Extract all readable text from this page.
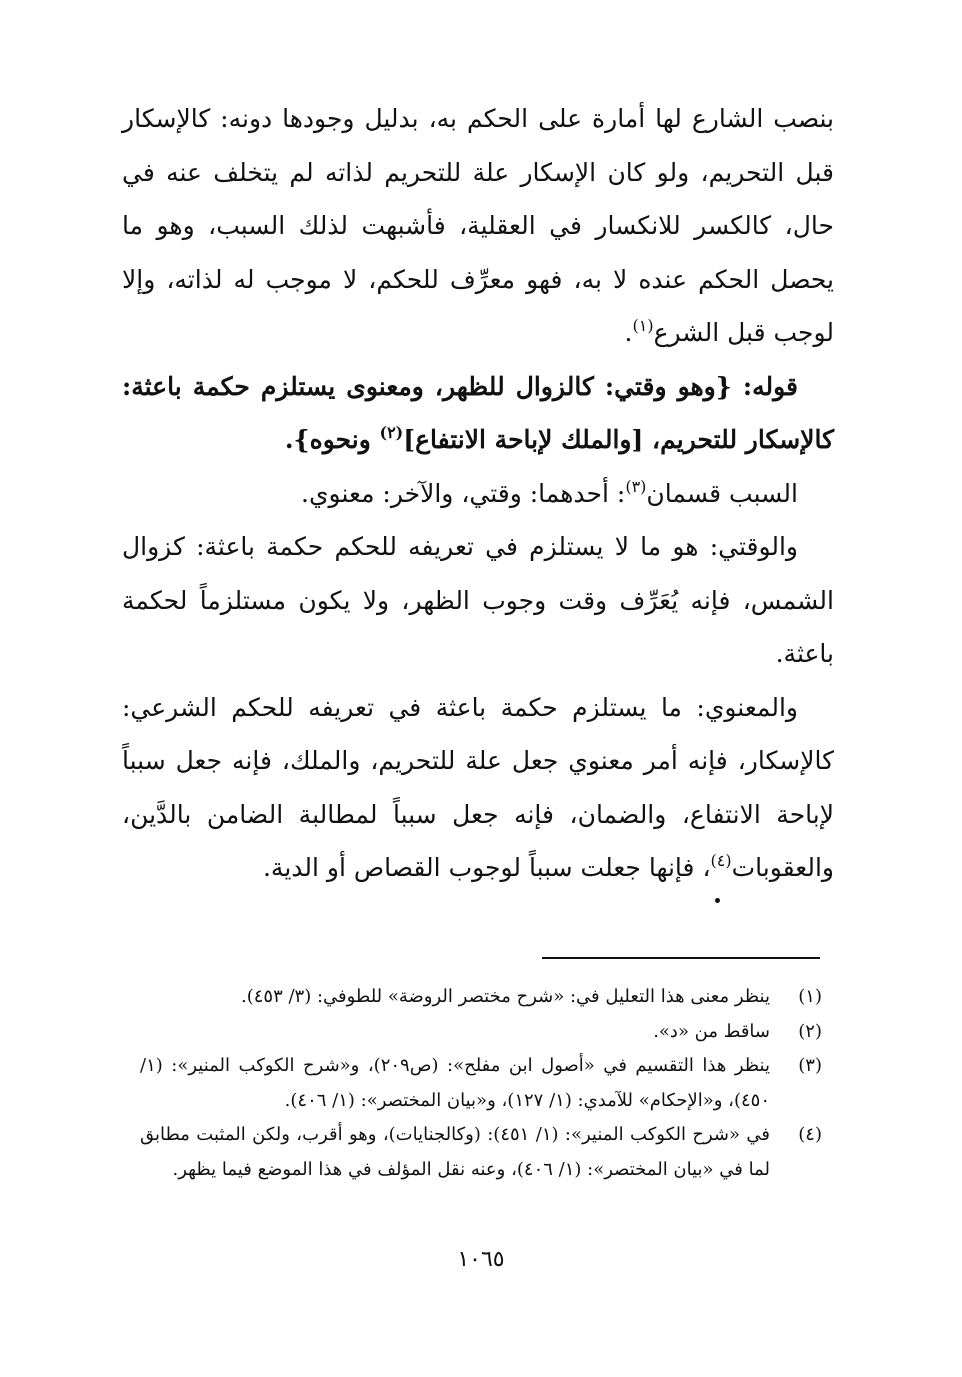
بنصب الشارع لها أمارة على الحكم به، بدليل وجودها دونه: كالإسكار قبل التحريم، ولو كان الإسكار علة للتحريم لذاته لم يتخلف عنه في حال، كالكسر للانكسار في العقلية، فأشبهت لذلك السبب، وهو ما يحصل الحكم عنده لا به، فهو معرِّف للحكم، لا موجب له لذاته، وإلا لوجب قبل الشرع$^{(١)}$.

قوله: {وهو وقتي: كالزوال للظهر، ومعنوى يستلزم حكمة باعثة: كالإسكار للتحريم، [والملك لإباحة الانتفاع]$^{(٢)}$ ونحوه}.

السبب قسمان$^{(٣)}$: أحدهما: وقتي، والآخر: معنوي.

والوقتي: هو ما لا يستلزم في تعريفه للحكم حكمة باعثة: كزوال الشمس، فإنه يُعَرِّف وقت وجوب الظهر، ولا يكون مستلزماً لحكمة باعثة.

والمعنوي: ما يستلزم حكمة باعثة في تعريفه للحكم الشرعي: كالإسكار، فإنه أمر معنوي جعل علة للتحريم، والملك، فإنه جعل سبباً لإباحة الانتفاع، والضمان، فإنه جعل سبباً لمطالبة الضامن بالدَّين، والعقوبات$^{(٤)}$، فإنها جعلت سبباً لوجوب القصاص أو الدية.

(١)
ينظر معنى هذا التعليل في: «شرح مختصر الروضة» للطوفي: (٣/ ٤٥٣).
(٢)
ساقط من «د».
(٣)
ينظر هذا التقسيم في «أصول ابن مفلح»: (ص٢٠٩)، و«شرح الكوكب المنير»: (١/ ٤٥٠)، و«الإحكام» للآمدي: (١/ ١٢٧)، و«بيان المختصر»: (١/ ٤٠٦).
(٤)
في «شرح الكوكب المنير»: (١/ ٤٥١): (وكالجنايات)، وهو أقرب، ولكن المثبت مطابق لما في «بيان المختصر»: (١/ ٤٠٦)، وعنه نقل المؤلف في هذا الموضع فيما يظهر.
١٠٦٥
